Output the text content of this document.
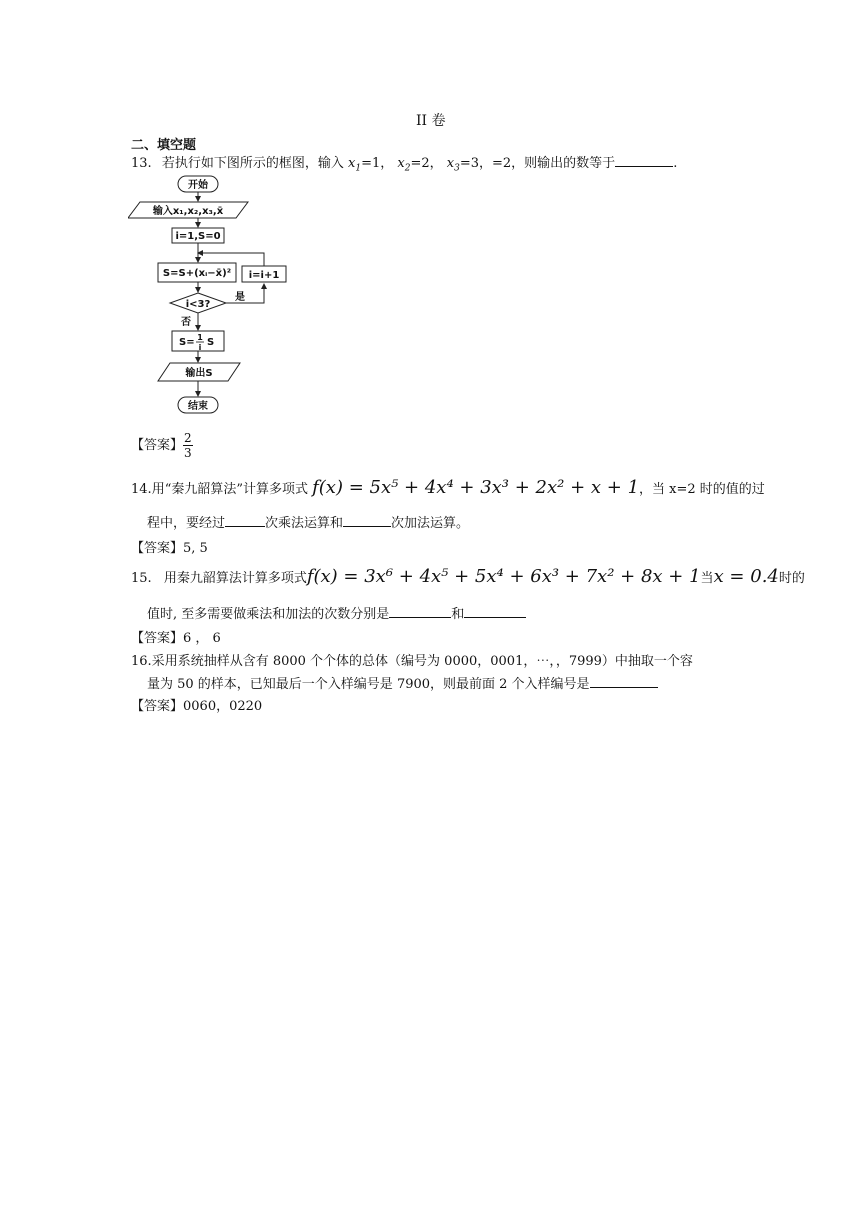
II 卷
二、填空题
13. 若执行如下图所示的框图，输入 $x_1=1$， $x_2=2$， $x_3=3$，=2，则输出的数等于	.
开始
输入x₁,x₂,x₃,x̄
i=1,S=0
S=S+(xᵢ−x̄)² i=i+1
i<3?
是
否
S= 1
i S
输出S
结束
【答案】 $\frac{2}{3}$
14.用“秦九韶算法”计算多项式 f(x) = 5x⁵ + 4x⁴ + 3x³ + 2x² + x + 1，当 x=2 时的值的过
程中，要经过	次乘法运算和	次加法运算。
【答案】5, 5
15. 用秦九韶算法计算多项式f(x) = 3x⁶ + 4x⁵ + 5x⁴ + 6x³ + 7x² + 8x + 1当x = 0.4时的
值时, 至多需要做乘法和加法的次数分别是	和
【答案】6 ， 6
16.采用系统抽样从含有 8000 个个体的总体（编号为 0000，0001，⋯，，7999）中抽取一个容
量为 50 的样本，已知最后一个入样编号是 7900，则最前面 2 个入样编号是
【答案】0060，0220
